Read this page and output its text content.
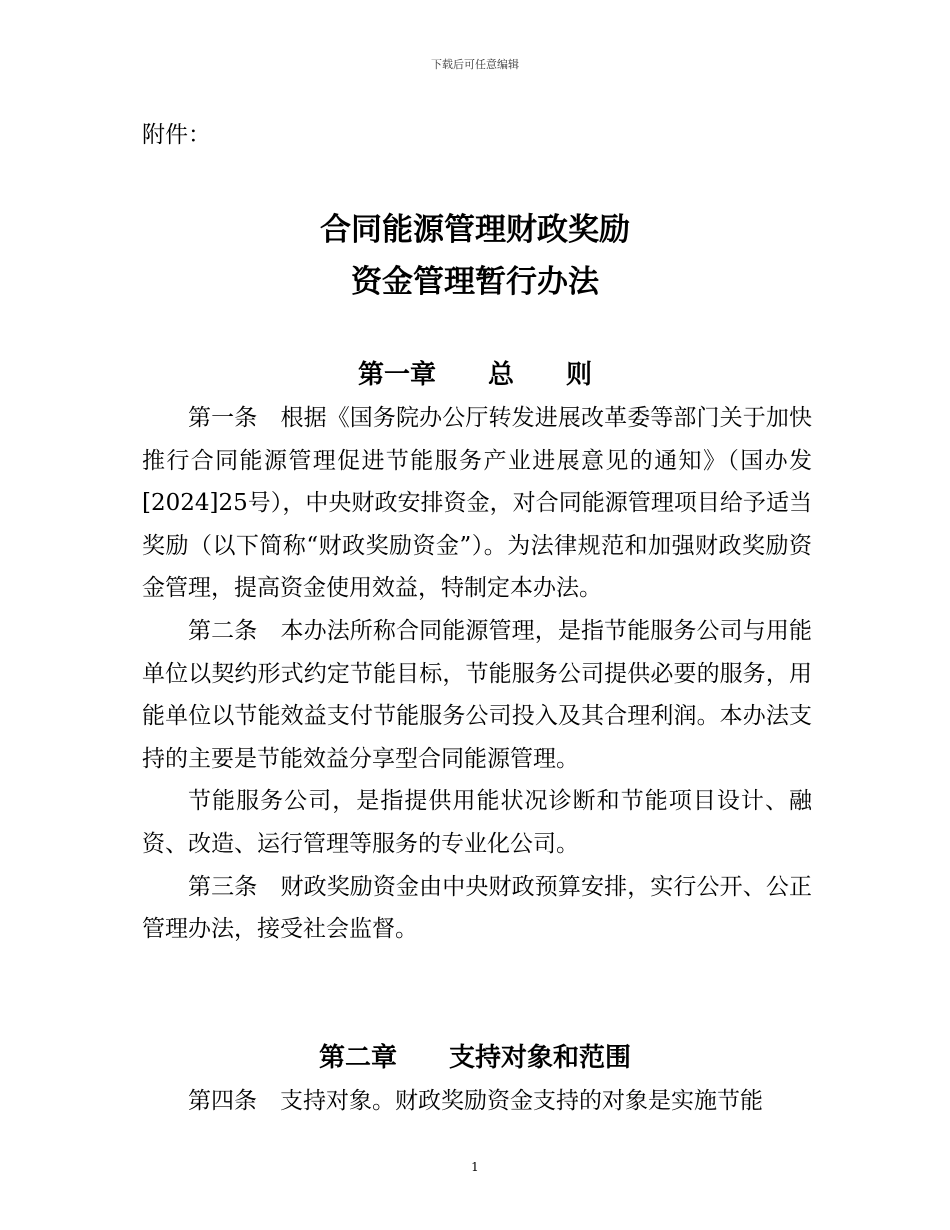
下载后可任意编辑
附件：
合同能源管理财政奖励
资金管理暂行办法
第一章　　总　　则

第一条　根据《国务院办公厅转发进展改革委等部门关于加快推行合同能源管理促进节能服务产业进展意见的通知》（国办发[2024]25号），中央财政安排资金，对合同能源管理项目给予适当奖励（以下简称“财政奖励资金”）。为法律规范和加强财政奖励资金管理，提高资金使用效益，特制定本办法。

第二条　本办法所称合同能源管理，是指节能服务公司与用能单位以契约形式约定节能目标，节能服务公司提供必要的服务，用能单位以节能效益支付节能服务公司投入及其合理利润。本办法支持的主要是节能效益分享型合同能源管理。

节能服务公司，是指提供用能状况诊断和节能项目设计、融资、改造、运行管理等服务的专业化公司。

第三条　财政奖励资金由中央财政预算安排，实行公开、公正管理办法，接受社会监督。

第二章　　支持对象和范围

第四条　支持对象。财政奖励资金支持的对象是实施节能

1
